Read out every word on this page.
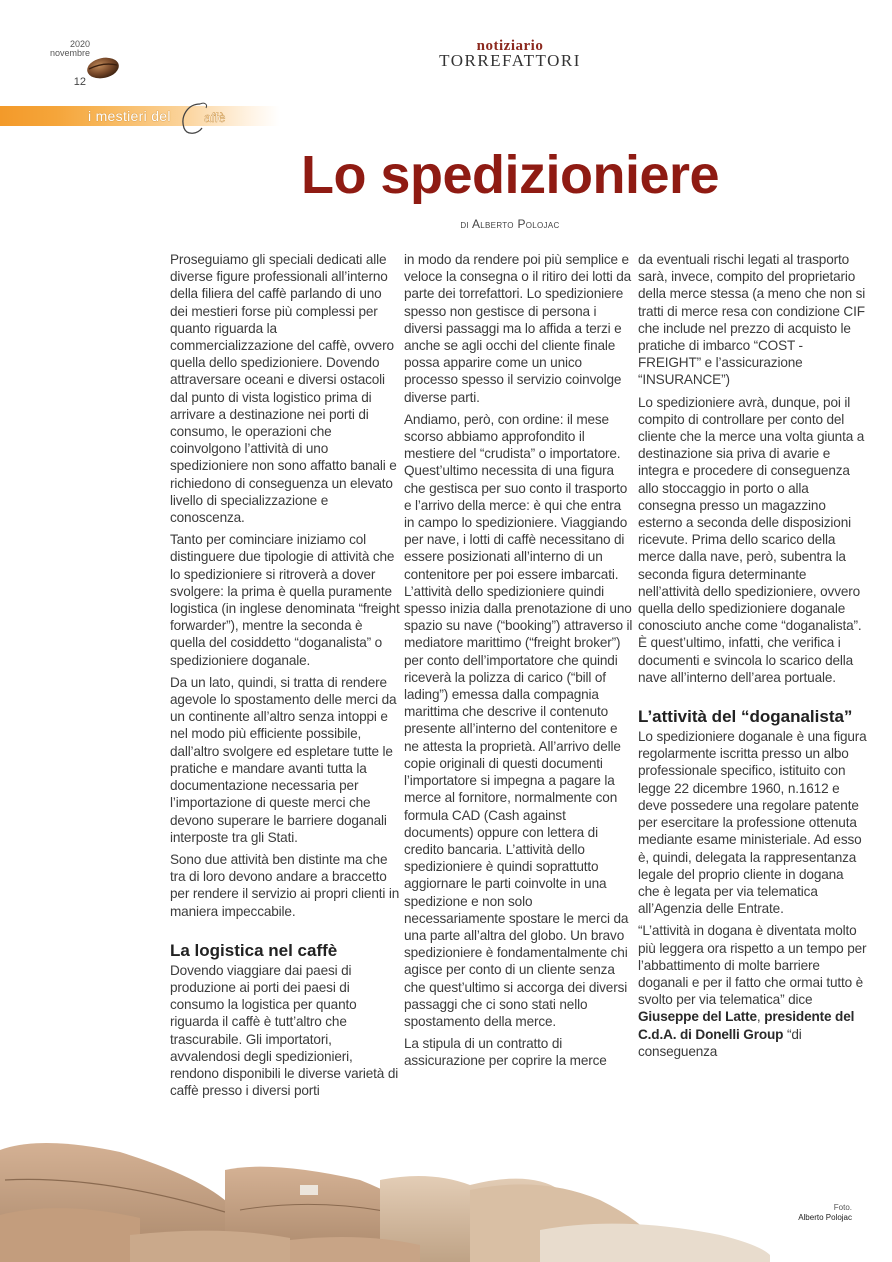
2020
novembre
12
notiziario
TORREFATTORI
i mestieri del	affè
Lo spedizioniere
di Alberto Polojac

Proseguiamo gli speciali dedicati alle diverse figure professionali all’interno della filiera del caffè parlando di uno dei mestieri forse più complessi per quanto riguarda la commercializzazione del caffè, ovvero quella dello spedizioniere. Dovendo attraversare oceani e diversi ostacoli dal punto di vista logistico prima di arrivare a destinazione nei porti di consumo, le operazioni che coinvolgono l’attività di uno spedizioniere non sono affatto banali e richiedono di conseguenza un elevato livello di specializzazione e conoscenza.

Tanto per cominciare iniziamo col distinguere due tipologie di attività che lo spedizioniere si ritroverà a dover svolgere: la prima è quella puramente logistica (in inglese denominata “freight forwarder”), mentre la seconda è quella del cosiddetto “doganalista” o spedizioniere doganale.

Da un lato, quindi, si tratta di rendere agevole lo spostamento delle merci da un continente all’altro senza intoppi e nel modo più efficiente possibile, dall’altro svolgere ed espletare tutte le pratiche e mandare avanti tutta la documentazione necessaria per l’importazione di queste merci che devono superare le barriere doganali interposte tra gli Stati.

Sono due attività ben distinte ma che tra di loro devono andare a braccetto per rendere il servizio ai propri clienti in maniera impeccabile.

La logistica nel caffè

Dovendo viaggiare dai paesi di produzione ai porti dei paesi di consumo la logistica per quanto riguarda il caffè è tutt’altro che trascurabile. Gli importatori, avvalendosi degli spedizionieri, rendono disponibili le diverse varietà di caffè presso i diversi porti

in modo da rendere poi più semplice e veloce la consegna o il ritiro dei lotti da parte dei torrefattori. Lo spedizioniere spesso non gestisce di persona i diversi passaggi ma lo affida a terzi e anche se agli occhi del cliente finale possa apparire come un unico processo spesso il servizio coinvolge diverse parti.

Andiamo, però, con ordine: il mese scorso abbiamo approfondito il mestiere del “crudista” o importatore. Quest’ultimo necessita di una figura che gestisca per suo conto il trasporto e l’arrivo della merce: è qui che entra in campo lo spedizioniere. Viaggiando per nave, i lotti di caffè necessitano di essere posizionati all’interno di un contenitore per poi essere imbarcati. L’attività dello spedizioniere quindi spesso inizia dalla prenotazione di uno spazio su nave (“booking”) attraverso il mediatore marittimo (“freight broker”) per conto dell’importatore che quindi riceverà la polizza di carico (“bill of lading”) emessa dalla compagnia marittima che descrive il contenuto presente all’interno del contenitore e ne attesta la proprietà. All’arrivo delle copie originali di questi documenti l’importatore si impegna a pagare la merce al fornitore, normalmente con formula CAD (Cash against documents) oppure con lettera di credito bancaria. L’attività dello spedizioniere è quindi soprattutto aggiornare le parti coinvolte in una spedizione e non solo necessariamente spostare le merci da una parte all’altra del globo. Un bravo spedizioniere è fondamentalmente chi agisce per conto di un cliente senza che quest’ultimo si accorga dei diversi passaggi che ci sono stati nello spostamento della merce.

La stipula di un contratto di assicurazione per coprire la merce

da eventuali rischi legati al trasporto sarà, invece, compito del proprietario della merce stessa (a meno che non si tratti di merce resa con condizione CIF che include nel prezzo di acquisto le pratiche di imbarco “COST - FREIGHT” e l’assicurazione “INSURANCE”)

Lo spedizioniere avrà, dunque, poi il compito di controllare per conto del cliente che la merce una volta giunta a destinazione sia priva di avarie e integra e procedere di conseguenza allo stoccaggio in porto o alla consegna presso un magazzino esterno a seconda delle disposizioni ricevute. Prima dello scarico della merce dalla nave, però, subentra la seconda figura determinante nell’attività dello spedizioniere, ovvero quella dello spedizioniere doganale conosciuto anche come “doganalista”. È quest’ultimo, infatti, che verifica i documenti e svincola lo scarico della nave all’interno dell’area portuale.

L’attività del “doganalista”

Lo spedizioniere doganale è una figura regolarmente iscritta presso un albo professionale specifico, istituito con legge 22 dicembre 1960, n.1612 e deve possedere una regolare patente per esercitare la professione ottenuta mediante esame ministeriale. Ad esso è, quindi, delegata la rappresentanza legale del proprio cliente in dogana che è legata per via telematica all’Agenzia delle Entrate.

“L’attività in dogana è diventata molto più leggera ora rispetto a un tempo per l’abbattimento di molte barriere doganali e per il fatto che ormai tutto è svolto per via telematica” dice Giuseppe del Latte, presidente del C.d.A. di Donelli Group “di conseguenza

Foto.
Alberto Polojac
